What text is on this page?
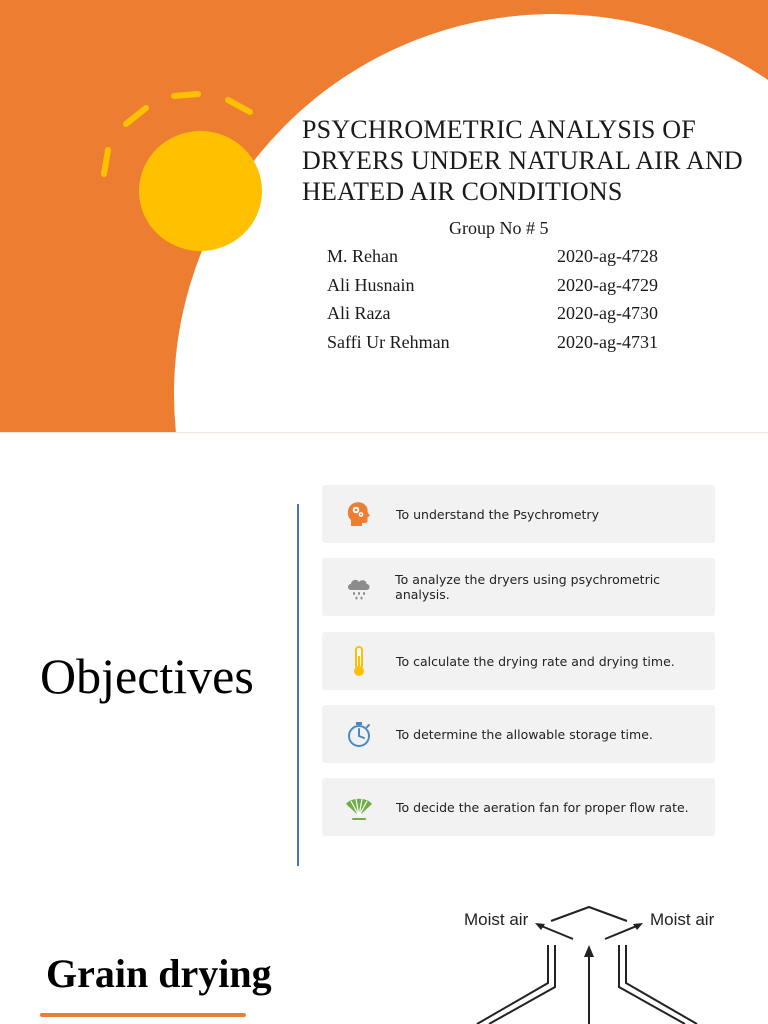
PSYCHROMETRIC ANALYSIS OF DRYERS UNDER NATURAL AIR AND HEATED AIR CONDITIONS
Group No # 5
M. Rehan	2020-ag-4728
Ali Husnain	2020-ag-4729
Ali Raza	2020-ag-4730
Saffi Ur Rehman	2020-ag-4731
Objectives
To understand the Psychrometry
To analyze the dryers using psychrometric analysis.
To calculate the drying rate and drying time.
To determine the allowable storage time.
To decide the aeration fan for proper flow rate.
Grain drying
Moist air	Moist air
